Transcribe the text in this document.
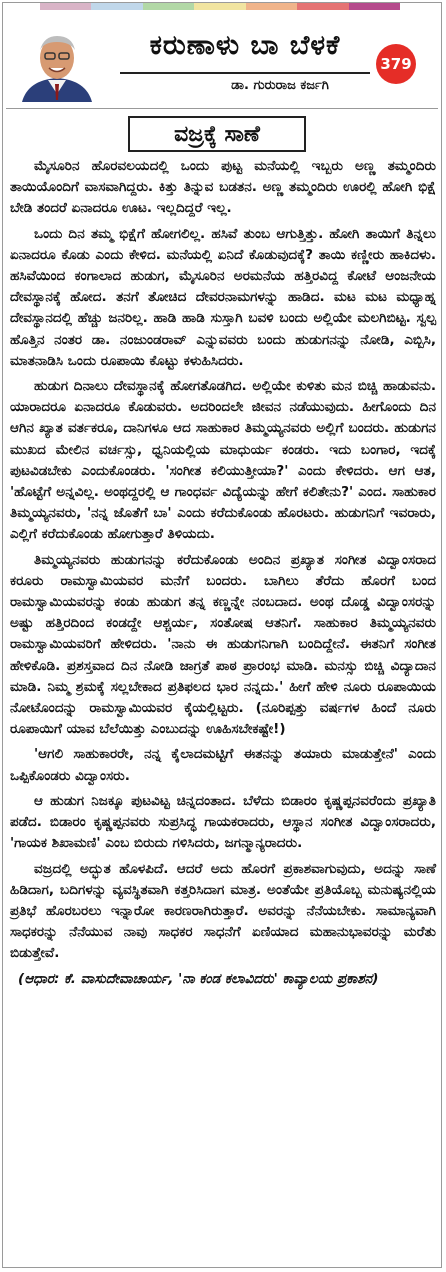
ಕರುಣಾಳು ಬಾ ಬೆಳಕೆ
ಡಾ. ಗುರುರಾಜ ಕರ್ಜಗಿ
379
ವಜ್ರಕ್ಕೆ ಸಾಣೆ

ಮೈಸೂರಿನ ಹೊರವಲಯದಲ್ಲಿ ಒಂದು ಪುಟ್ಟ ಮನೆಯಲ್ಲಿ ಇಬ್ಬರು ಅಣ್ಣ ತಮ್ಮಂದಿರು ತಾಯಿಯೊಂದಿಗೆ ವಾಸವಾಗಿದ್ದರು. ಕಿತ್ತು ತಿನ್ನುವ ಬಡತನ. ಅಣ್ಣ ತಮ್ಮಂದಿರು ಊರಲ್ಲಿ ಹೋಗಿ ಭಿಕ್ಷೆ ಬೇಡಿ ತಂದರೆ ಏನಾದರೂ ಊಟ. ಇಲ್ಲದಿದ್ದರೆ ಇಲ್ಲ.

ಒಂದು ದಿನ ತಮ್ಮ ಭಿಕ್ಷೆಗೆ ಹೋಗಲಿಲ್ಲ. ಹಸಿವೆ ತುಂಬ ಆಗುತ್ತಿತ್ತು. ಹೋಗಿ ತಾಯಿಗೆ ತಿನ್ನಲು ಏನಾದರೂ ಕೊಡು ಎಂದು ಕೇಳಿದ. ಮನೆಯಲ್ಲಿ ಏನಿದೆ ಕೊಡುವುದಕ್ಕೆ? ತಾಯಿ ಕಣ್ಣೀರು ಹಾಕಿದಳು. ಹಸಿವೆಯಿಂದ ಕಂಗಾಲಾದ ಹುಡುಗ, ಮೈಸೂರಿನ ಅರಮನೆಯ ಹತ್ತಿರವಿದ್ದ ಕೋಟೆ ಆಂಜನೇಯ ದೇವಸ್ಥಾನಕ್ಕೆ ಹೋದ. ತನಗೆ ತೋಚಿದ ದೇವರನಾಮಗಳನ್ನು ಹಾಡಿದ. ಮಟ ಮಟ ಮಧ್ಯಾಹ್ನ ದೇವಸ್ಥಾನದಲ್ಲಿ ಹೆಚ್ಚು ಜನರಿಲ್ಲ. ಹಾಡಿ ಹಾಡಿ ಸುಸ್ತಾಗಿ ಬವಳಿ ಬಂದು ಅಲ್ಲಿಯೇ ಮಲಗಿಬಿಟ್ಟ. ಸ್ವಲ್ಪ ಹೊತ್ತಿನ ನಂತರ ಡಾ. ನಂಜುಂಡರಾವ್ ಎನ್ನುವವರು ಬಂದು ಹುಡುಗನನ್ನು ನೋಡಿ, ಎಬ್ಬಿಸಿ, ಮಾತನಾಡಿಸಿ ಒಂದು ರೂಪಾಯಿ ಕೊಟ್ಟು ಕಳುಹಿಸಿದರು.

ಹುಡುಗ ದಿನಾಲು ದೇವಸ್ಥಾನಕ್ಕೆ ಹೋಗತೊಡಗಿದ. ಅಲ್ಲಿಯೇ ಕುಳಿತು ಮನ ಬಿಚ್ಚಿ ಹಾಡುವನು. ಯಾರಾದರೂ ಏನಾದರೂ ಕೊಡುವರು. ಅದರಿಂದಲೇ ಜೀವನ ನಡೆಯುವುದು. ಹೀಗೊಂದು ದಿನ ಆಗಿನ ಖ್ಯಾತ ವರ್ತಕರೂ, ದಾನಿಗಳೂ ಆದ ಸಾಹುಕಾರ ತಿಮ್ಮಯ್ಯನವರು ಅಲ್ಲಿಗೆ ಬಂದರು. ಹುಡುಗನ ಮುಖದ ಮೇಲಿನ ವರ್ಚಸ್ಸು, ಧ್ವನಿಯಲ್ಲಿಯ ಮಾಧುರ್ಯ ಕಂಡರು. ಇದು ಬಂಗಾರ, ಇದಕ್ಕೆ ಪುಟವಿಡಬೇಕು ಎಂದುಕೊಂಡರು. 'ಸಂಗೀತ ಕಲಿಯುತ್ತೀಯಾ?' ಎಂದು ಕೇಳಿದರು. ಆಗ ಆತ, 'ಹೊಟ್ಟೆಗೆ ಅನ್ನವಿಲ್ಲ. ಅಂಥದ್ದರಲ್ಲಿ ಆ ಗಾಂಧರ್ವ ವಿದ್ಯೆಯನ್ನು ಹೇಗೆ ಕಲಿತೇನು?' ಎಂದ. ಸಾಹುಕಾರ ತಿಮ್ಮಯ್ಯನವರು, 'ನನ್ನ ಜೊತೆಗೆ ಬಾ' ಎಂದು ಕರೆದುಕೊಂಡು ಹೊರಟರು. ಹುಡುಗನಿಗೆ ಇವರಾರು, ಎಲ್ಲಿಗೆ ಕರೆದುಕೊಂಡು ಹೋಗುತ್ತಾರೆ ತಿಳಿಯದು.

ತಿಮ್ಮಯ್ಯನವರು ಹುಡುಗನನ್ನು ಕರೆದುಕೊಂಡು ಅಂದಿನ ಪ್ರಖ್ಯಾತ ಸಂಗೀತ ವಿದ್ವಾಂಸರಾದ ಕರೂರು ರಾಮಸ್ವಾಮಿಯವರ ಮನೆಗೆ ಬಂದರು. ಬಾಗಿಲು ತೆರೆದು ಹೊರಗೆ ಬಂದ ರಾಮಸ್ವಾಮಿಯವರನ್ನು ಕಂಡು ಹುಡುಗ ತನ್ನ ಕಣ್ಣನ್ನೇ ನಂಬದಾದ. ಅಂಥ ದೊಡ್ಡ ವಿದ್ವಾಂಸರನ್ನು ಅಷ್ಟು ಹತ್ತಿರದಿಂದ ಕಂಡದ್ದೇ ಆಶ್ಚರ್ಯ, ಸಂತೋಷ ಆತನಿಗೆ. ಸಾಹುಕಾರ ತಿಮ್ಮಯ್ಯನವರು ರಾಮಸ್ವಾಮಿಯವರಿಗೆ ಹೇಳಿದರು. 'ನಾನು ಈ ಹುಡುಗನಿಗಾಗಿ ಬಂದಿದ್ದೇನೆ. ಈತನಿಗೆ ಸಂಗೀತ ಹೇಳಿಕೊಡಿ. ಪ್ರಶಸ್ತವಾದ ದಿನ ನೋಡಿ ಜಾಗ್ರತೆ ಪಾಠ ಪ್ರಾರಂಭ ಮಾಡಿ. ಮನಸ್ಸು ಬಿಚ್ಚಿ ವಿದ್ಯಾದಾನ ಮಾಡಿ. ನಿಮ್ಮ ಶ್ರಮಕ್ಕೆ ಸಲ್ಲಬೇಕಾದ ಪ್ರತಿಫಲದ ಭಾರ ನನ್ನದು.' ಹೀಗೆ ಹೇಳಿ ನೂರು ರೂಪಾಯಿಯ ನೋಟೊಂದನ್ನು ರಾಮಸ್ವಾಮಿಯವರ ಕೈಯಲ್ಲಿಟ್ಟರು. (ನೂರಿಪ್ಪತ್ತು ವರ್ಷಗಳ ಹಿಂದೆ ನೂರು ರೂಪಾಯಿಗೆ ಯಾವ ಬೆಲೆಯಿತ್ತು ಎಂಬುದನ್ನು ಊಹಿಸಬೇಕಷ್ಟೇ!)

'ಆಗಲಿ ಸಾಹುಕಾರರೇ, ನನ್ನ ಕೈಲಾದಮಟ್ಟಿಗೆ ಈತನನ್ನು ತಯಾರು ಮಾಡುತ್ತೇನೆ' ಎಂದು ಒಪ್ಪಿಕೊಂಡರು ವಿದ್ವಾಂಸರು.

ಆ ಹುಡುಗ ನಿಜಕ್ಕೂ ಪುಟವಿಟ್ಟ ಚಿನ್ನದಂತಾದ. ಬೆಳೆದು ಬಿಡಾರಂ ಕೃಷ್ಣಪ್ಪನವರೆಂದು ಪ್ರಖ್ಯಾತಿ ಪಡೆದ. ಬಿಡಾರಂ ಕೃಷ್ಣಪ್ಪನವರು ಸುಪ್ರಸಿದ್ಧ ಗಾಯಕರಾದರು, ಆಸ್ಥಾನ ಸಂಗೀತ ವಿದ್ವಾಂಸರಾದರು, 'ಗಾಯಕ ಶಿಖಾಮಣಿ' ಎಂಬ ಬಿರುದು ಗಳಿಸಿದರು, ಜಗನ್ಮಾನ್ಯರಾದರು.

ವಜ್ರದಲ್ಲಿ ಅದ್ಭುತ ಹೊಳಪಿದೆ. ಆದರೆ ಅದು ಹೊರಗೆ ಪ್ರಕಾಶವಾಗುವುದು, ಅದನ್ನು ಸಾಣೆ ಹಿಡಿದಾಗ, ಬದಿಗಳನ್ನು ವ್ಯವಸ್ಥಿತವಾಗಿ ಕತ್ತರಿಸಿದಾಗ ಮಾತ್ರ. ಅಂತೆಯೇ ಪ್ರತಿಯೊಬ್ಬ ಮನುಷ್ಯನಲ್ಲಿಯ ಪ್ರತಿಭೆ ಹೊರಬರಲು ಇನ್ನಾರೋ ಕಾರಣರಾಗಿರುತ್ತಾರೆ. ಅವರನ್ನು ನೆನೆಯಬೇಕು. ಸಾಮಾನ್ಯವಾಗಿ ಸಾಧಕರನ್ನು ನೆನೆಯುವ ನಾವು ಸಾಧಕರ ಸಾಧನೆಗೆ ಏಣಿಯಾದ ಮಹಾನುಭಾವರನ್ನು ಮರೆತು ಬಿಡುತ್ತೇವೆ.

(ಆಧಾರ: ಕೆ. ವಾಸುದೇವಾಚಾರ್ಯ, 'ನಾ ಕಂಡ ಕಲಾವಿದರು' ಕಾವ್ಯಾಲಯ ಪ್ರಕಾಶನ)
